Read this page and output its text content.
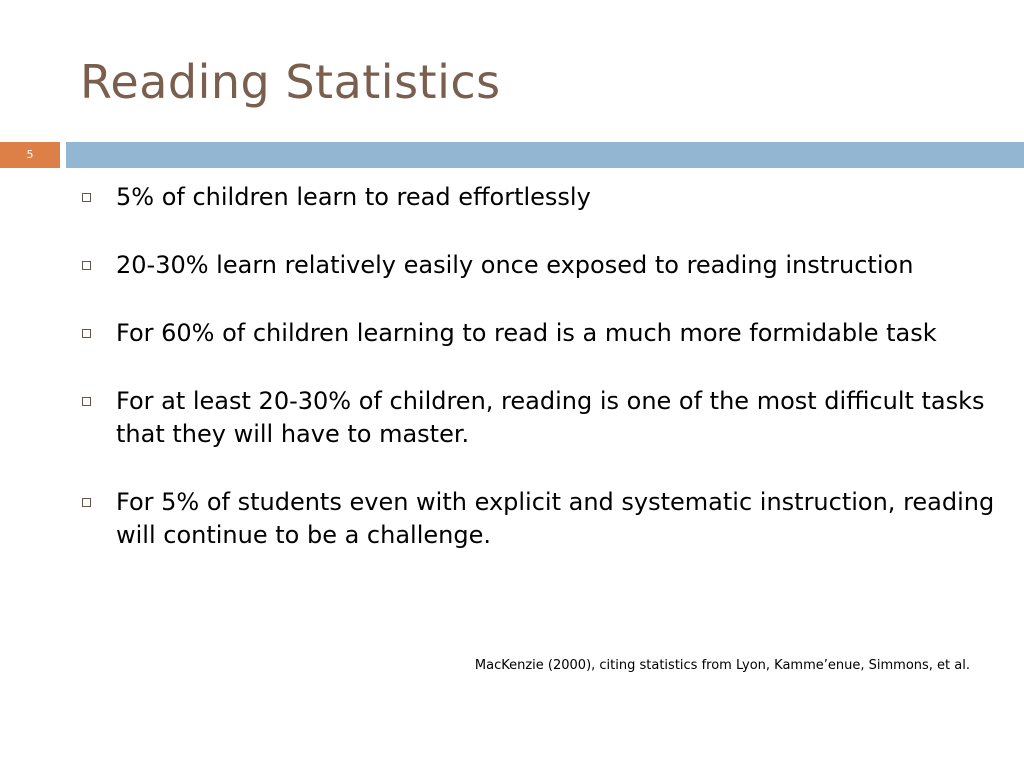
Reading Statistics
5
5% of children learn to read effortlessly
20-30% learn relatively easily once exposed to reading instruction
For 60% of children learning to read is a much more formidable task
For at least 20-30% of children, reading is one of the most difficult tasks that they will have to master.
For 5% of students even with explicit and systematic instruction, reading will continue to be a challenge.
MacKenzie (2000), citing statistics from Lyon, Kamme’enue, Simmons, et al.
